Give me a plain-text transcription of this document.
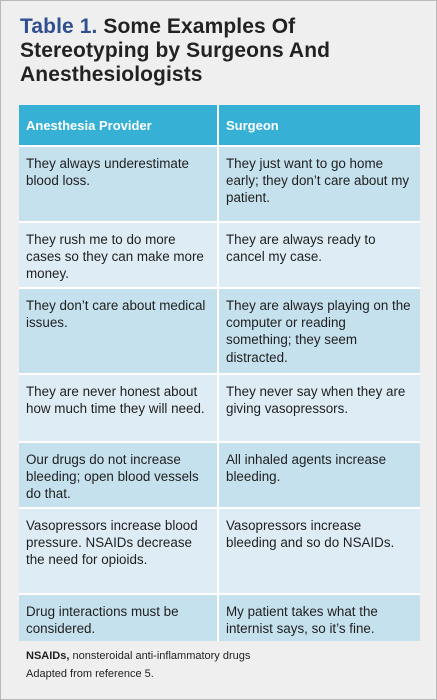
Table 1. Some Examples Of Stereotyping by Surgeons And Anesthesiologists
Anesthesia Provider	Surgeon
They always underestimate blood loss.	They just want to go home early; they don’t care about my patient.
They rush me to do more cases so they can make more money.	They are always ready to cancel my case.
They don’t care about medical issues.	They are always playing on the computer or reading something; they seem distracted.
They are never honest about how much time they will need.	They never say when they are giving vasopressors.
Our drugs do not increase bleeding; open blood vessels do that.	All inhaled agents increase bleeding.
Vasopressors increase blood pressure. NSAIDs decrease the need for opioids.	Vasopressors increase bleeding and so do NSAIDs.
Drug interactions must be considered.	My patient takes what the internist says, so it’s fine.
NSAIDs, nonsteroidal anti-inflammatory drugs
Adapted from reference 5.
